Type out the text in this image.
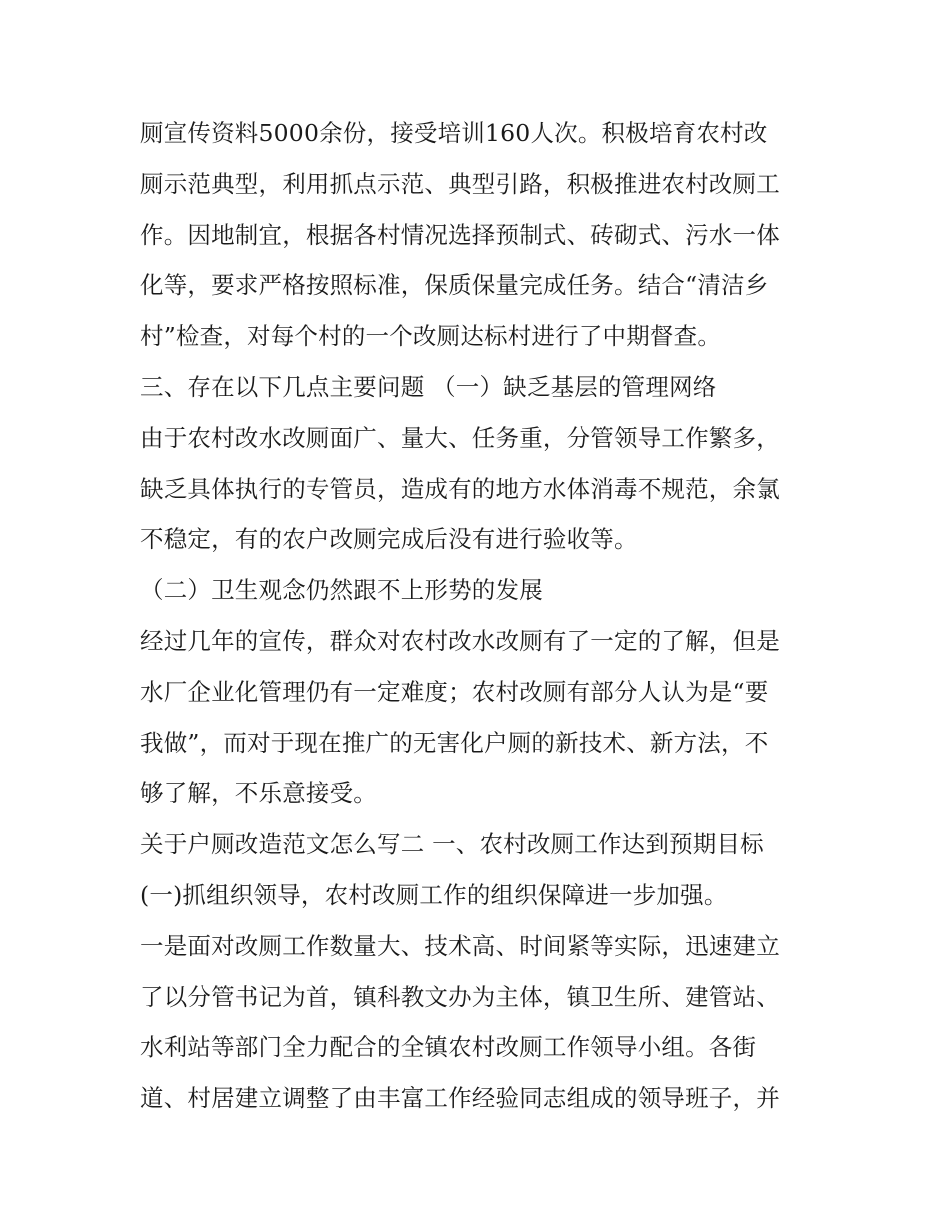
厕宣传资料5000余份，接受培训160人次。积极培育农村改
厕示范典型，利用抓点示范、典型引路，积极推进农村改厕工
作。因地制宜，根据各村情况选择预制式、砖砌式、污水一体
化等，要求严格按照标准，保质保量完成任务。结合“清洁乡
村”检查，对每个村的一个改厕达标村进行了中期督查。
三、存在以下几点主要问题 （一）缺乏基层的管理网络
由于农村改水改厕面广、量大、任务重，分管领导工作繁多，
缺乏具体执行的专管员，造成有的地方水体消毒不规范，余氯
不稳定，有的农户改厕完成后没有进行验收等。
（二）卫生观念仍然跟不上形势的发展
经过几年的宣传，群众对农村改水改厕有了一定的了解，但是
水厂企业化管理仍有一定难度；农村改厕有部分人认为是“要
我做”，而对于现在推广的无害化户厕的新技术、新方法，不
够了解，不乐意接受。
关于户厕改造范文怎么写二 一、农村改厕工作达到预期目标
(一)抓组织领导，农村改厕工作的组织保障进一步加强。
一是面对改厕工作数量大、技术高、时间紧等实际，迅速建立
了以分管书记为首，镇科教文办为主体，镇卫生所、建管站、
水利站等部门全力配合的全镇农村改厕工作领导小组。各街
道、村居建立调整了由丰富工作经验同志组成的领导班子，并
